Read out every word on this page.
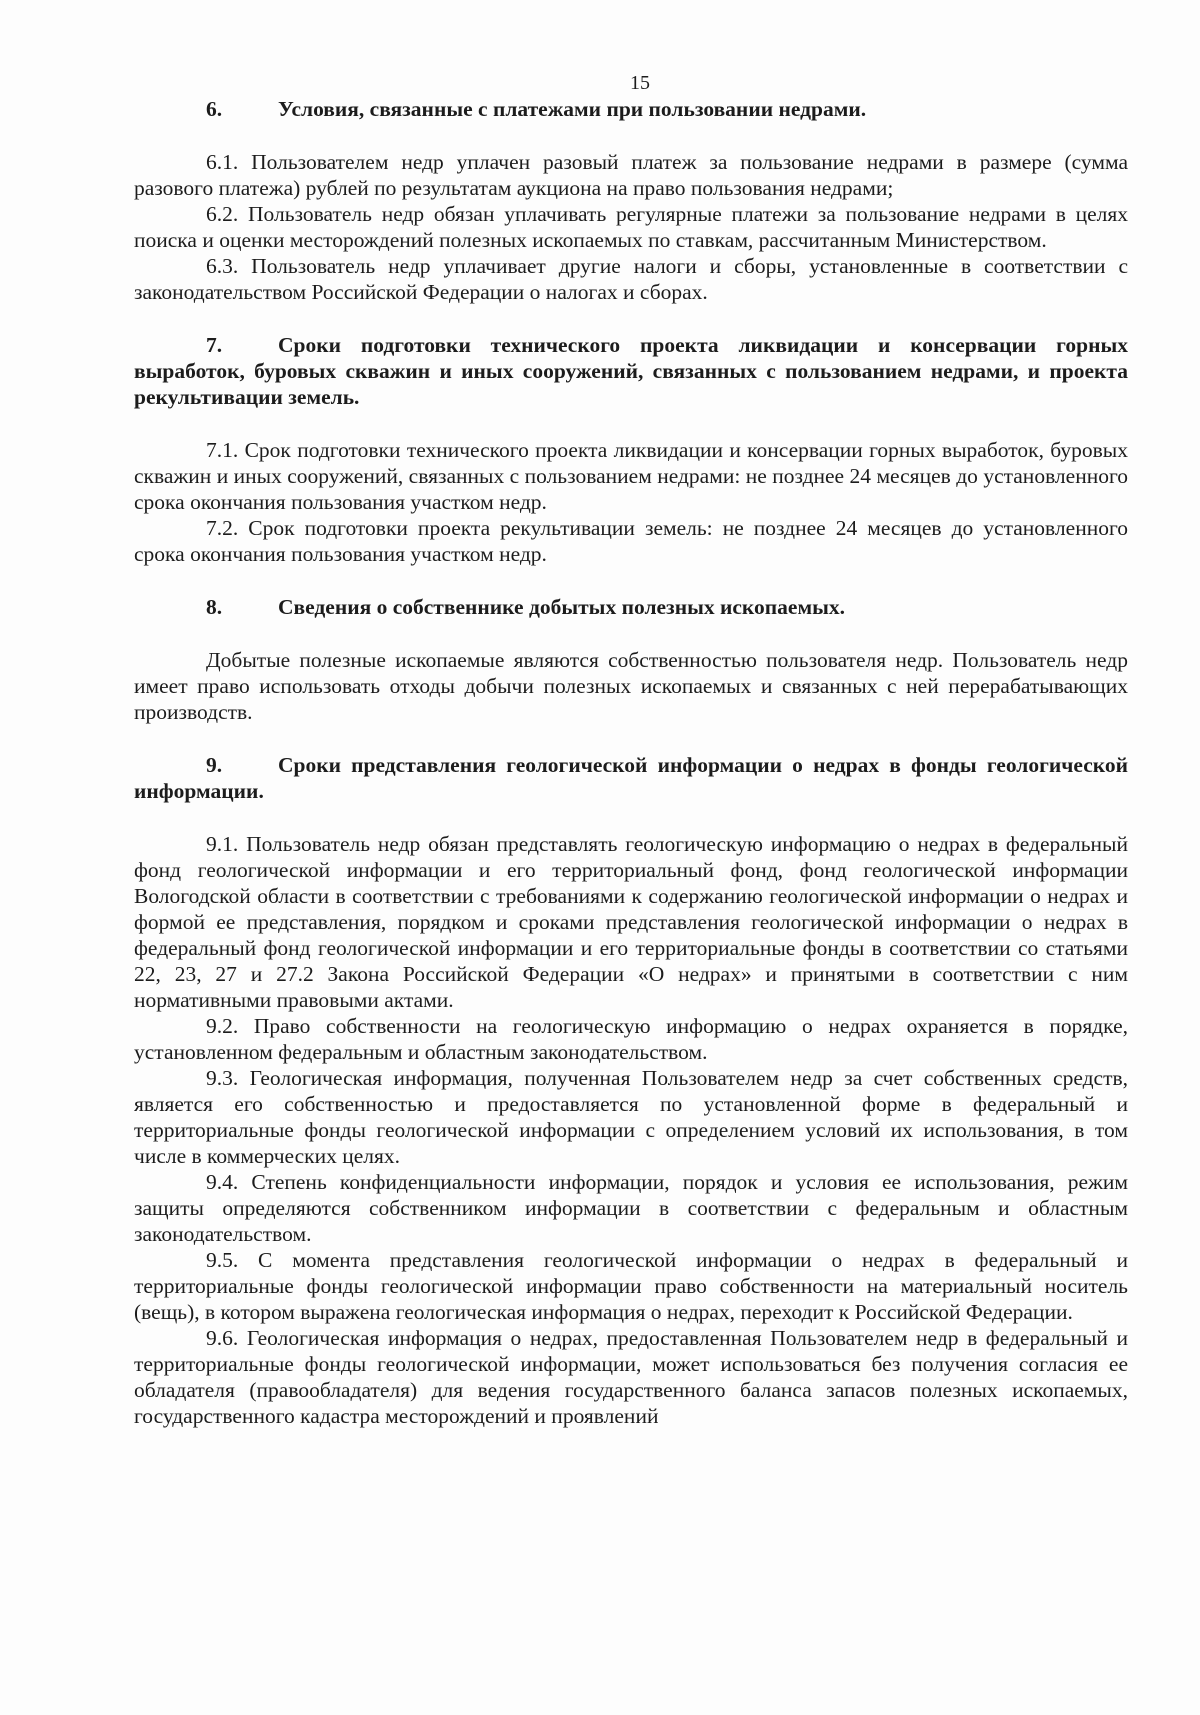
15

6.	Условия, связанные с платежами при пользовании недрами.

6.1. Пользователем недр уплачен разовый платеж за пользование недрами в размере (сумма разового платежа) рублей по результатам аукциона на право пользования недрами;

6.2. Пользователь недр обязан уплачивать регулярные платежи за пользование недрами в целях поиска и оценки месторождений полезных ископаемых по ставкам, рассчитанным Министерством.

6.3. Пользователь недр уплачивает другие налоги и сборы, установленные в соответствии с законодательством Российской Федерации о налогах и сборах.

7.	Сроки подготовки технического проекта ликвидации и консервации горных выработок, буровых скважин и иных сооружений, связанных с пользованием недрами, и проекта рекультивации земель.

7.1. Срок подготовки технического проекта ликвидации и консервации горных выработок, буровых скважин и иных сооружений, связанных с пользованием недрами: не позднее 24 месяцев до установленного срока окончания пользования участком недр.

7.2. Срок подготовки проекта рекультивации земель: не позднее 24 месяцев до установленного срока окончания пользования участком недр.

8.	Сведения о собственнике добытых полезных ископаемых.

Добытые полезные ископаемые являются собственностью пользователя недр. Пользователь недр имеет право использовать отходы добычи полезных ископаемых и связанных с ней перерабатывающих производств.

9.	Сроки представления геологической информации о недрах в фонды геологической информации.

9.1. Пользователь недр обязан представлять геологическую информацию о недрах в федеральный фонд геологической информации и его территориальный фонд, фонд геологической информации Вологодской области в соответствии с требованиями к содержанию геологической информации о недрах и формой ее представления, порядком и сроками представления геологической информации о недрах в федеральный фонд геологической информации и его территориальные фонды в соответствии со статьями 22, 23, 27 и 27.2 Закона Российской Федерации «О недрах» и принятыми в соответствии с ним нормативными правовыми актами.

9.2. Право собственности на геологическую информацию о недрах охраняется в порядке, установленном федеральным и областным законодательством.

9.3. Геологическая информация, полученная Пользователем недр за счет собственных средств, является его собственностью и предоставляется по установленной форме в федеральный и территориальные фонды геологической информации с определением условий их использования, в том числе в коммерческих целях.

9.4. Степень конфиденциальности информации, порядок и условия ее использования, режим защиты определяются собственником информации в соответствии с федеральным и областным законодательством.

9.5. С момента представления геологической информации о недрах в федеральный и территориальные фонды геологической информации право собственности на материальный носитель (вещь), в котором выражена геологическая информация о недрах, переходит к Российской Федерации.

9.6. Геологическая информация о недрах, предоставленная Пользователем недр в федеральный и территориальные фонды геологической информации, может использоваться без получения согласия ее обладателя (правообладателя) для ведения государственного баланса запасов полезных ископаемых, государственного кадастра месторождений и проявлений
